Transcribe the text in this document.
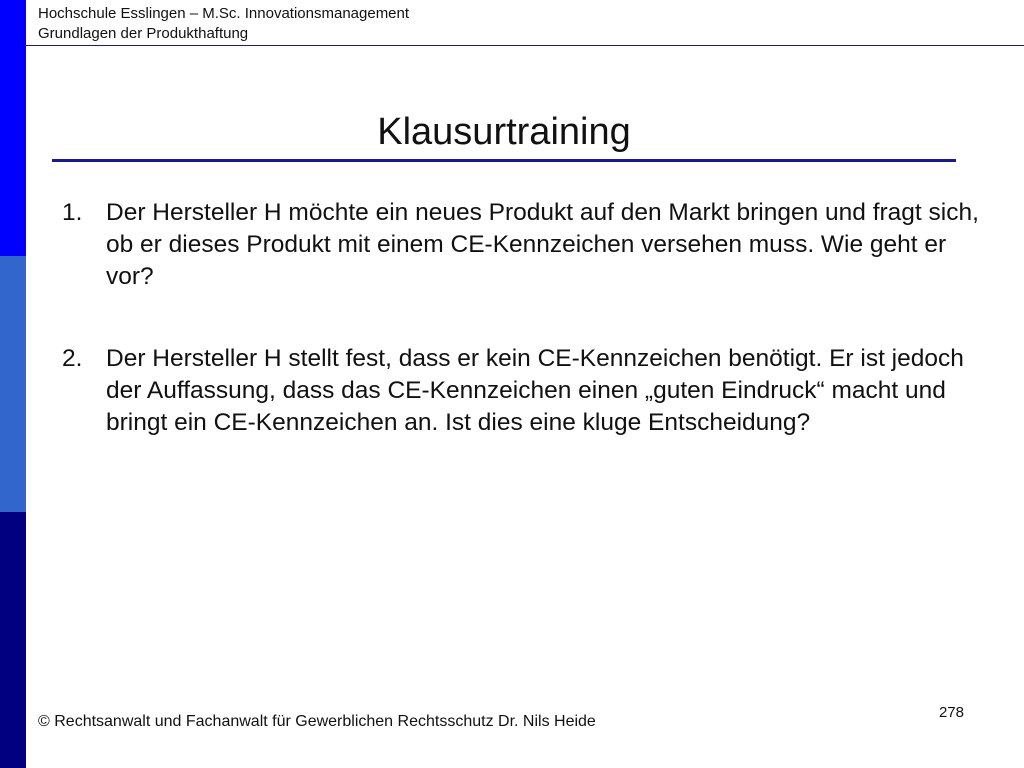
Hochschule Esslingen – M.Sc. Innovationsmanagement
Grundlagen der Produkthaftung
Klausurtraining
1. Der Hersteller H möchte ein neues Produkt auf den Markt bringen und fragt sich, ob er dieses Produkt mit einem CE-Kennzeichen versehen muss. Wie geht er vor?
2. Der Hersteller H stellt fest, dass er kein CE-Kennzeichen benötigt. Er ist jedoch der Auffassung, dass das CE-Kennzeichen einen „guten Eindruck“ macht und bringt ein CE-Kennzeichen an. Ist dies eine kluge Entscheidung?
278
© Rechtsanwalt und Fachanwalt für Gewerblichen Rechtsschutz Dr. Nils Heide
